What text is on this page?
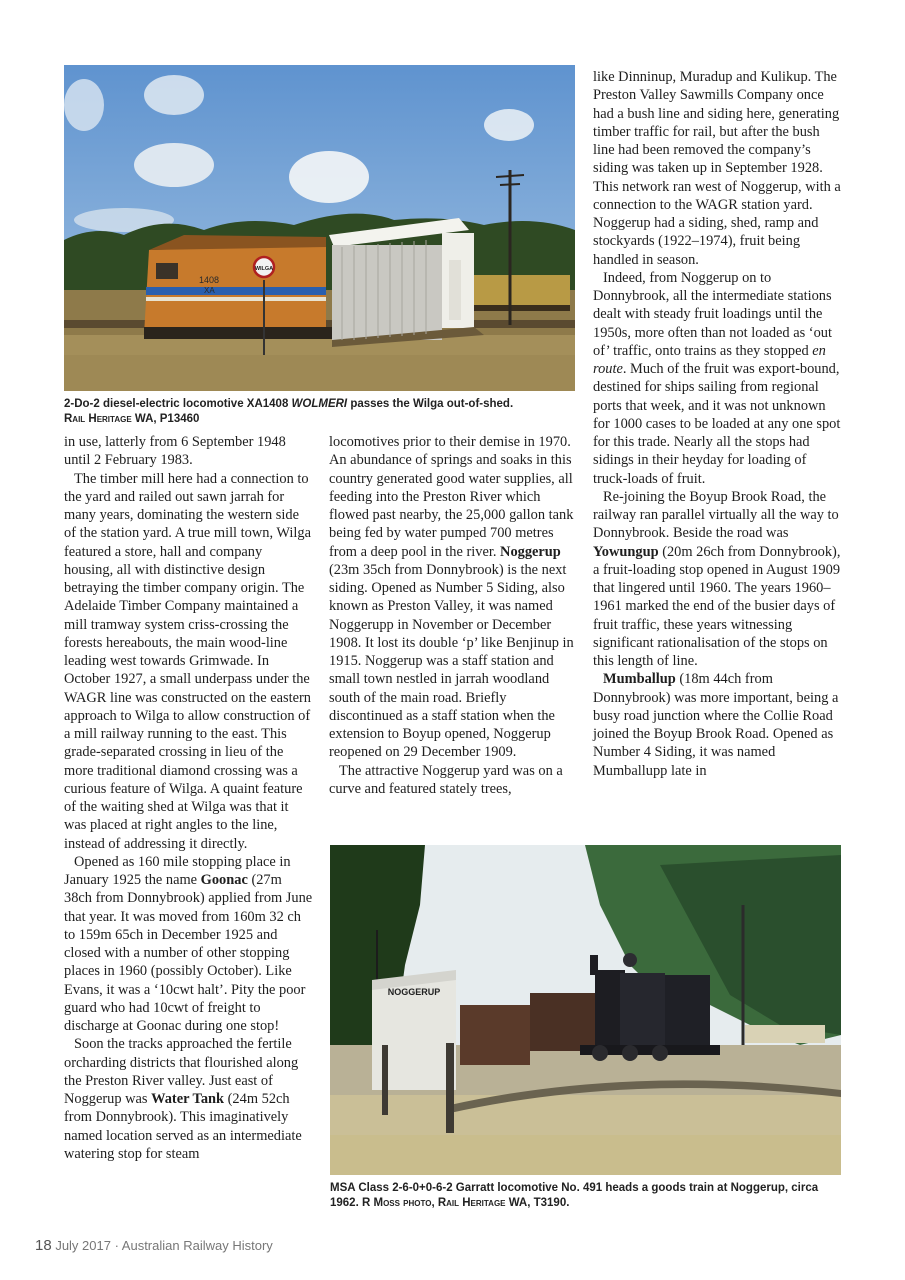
1408
XA
WILGA
2-Do-2 diesel-electric locomotive XA1408 WOLMERI passes the Wilga out-of-shed.
Rail Heritage WA, P13460

in use, latterly from 6 September 1948 until 2 February 1983.

The timber mill here had a connection to the yard and railed out sawn jarrah for many years, dominating the western side of the station yard. A true mill town, Wilga featured a store, hall and company housing, all with distinctive design betraying the timber company origin. The Adelaide Timber Company maintained a mill tramway system criss-crossing the forests hereabouts, the main wood-line leading west towards Grimwade. In October 1927, a small underpass under the WAGR line was constructed on the eastern approach to Wilga to allow construction of a mill railway running to the east. This grade-separated crossing in lieu of the more traditional diamond crossing was a curious feature of Wilga. A quaint feature of the waiting shed at Wilga was that it was placed at right angles to the line, instead of addressing it directly.

Opened as 160 mile stopping place in January 1925 the name Goonac (27m 38ch from Donnybrook) applied from June that year. It was moved from 160m 32 ch to 159m 65ch in December 1925 and closed with a number of other stopping places in 1960 (possibly October). Like Evans, it was a ‘10cwt halt’. Pity the poor guard who had 10cwt of freight to discharge at Goonac during one stop!

Soon the tracks approached the fertile orcharding districts that flourished along the Preston River valley. Just east of Noggerup was Water Tank (24m 52ch from Donnybrook). This imaginatively named location served as an intermediate watering stop for steam

locomotives prior to their demise in 1970. An abundance of springs and soaks in this country generated good water supplies, all feeding into the Preston River which flowed past nearby, the 25,000 gallon tank being fed by water pumped 700 metres from a deep pool in the river. Noggerup (23m 35ch from Donnybrook) is the next siding. Opened as Number 5 Siding, also known as Preston Valley, it was named Noggerupp in November or December 1908. It lost its double ‘p’ like Benjinup in 1915. Noggerup was a staff station and small town nestled in jarrah woodland south of the main road. Briefly discontinued as a staff station when the extension to Boyup opened, Noggerup reopened on 29 December 1909.

The attractive Noggerup yard was on a curve and featured stately trees,

like Dinninup, Muradup and Kulikup. The Preston Valley Sawmills Company once had a bush line and siding here, generating timber traffic for rail, but after the bush line had been removed the company’s siding was taken up in September 1928. This network ran west of Noggerup, with a connection to the WAGR station yard. Noggerup had a siding, shed, ramp and stockyards (1922–1974), fruit being handled in season.

Indeed, from Noggerup on to Donnybrook, all the intermediate stations dealt with steady fruit loadings until the 1950s, more often than not loaded as ‘out of’ traffic, onto trains as they stopped en route. Much of the fruit was export-bound, destined for ships sailing from regional ports that week, and it was not unknown for 1000 cases to be loaded at any one spot for this trade. Nearly all the stops had sidings in their heyday for loading of truck-loads of fruit.

Re-joining the Boyup Brook Road, the railway ran parallel virtually all the way to Donnybrook. Beside the road was Yowungup (20m 26ch from Donnybrook), a fruit-loading stop opened in August 1909 that lingered until 1960. The years 1960–1961 marked the end of the busier days of fruit traffic, these years witnessing significant rationalisation of the stops on this length of line.

Mumballup (18m 44ch from Donnybrook) was more important, being a busy road junction where the Collie Road joined the Boyup Brook Road. Opened as Number 4 Siding, it was named Mumballupp late in

NOGGERUP
MSA Class 2-6-0+0-6-2 Garratt locomotive No. 491 heads a goods train at Noggerup, circa 1962. R Moss photo, Rail Heritage WA, T3190.
18 July 2017 · Australian Railway History
